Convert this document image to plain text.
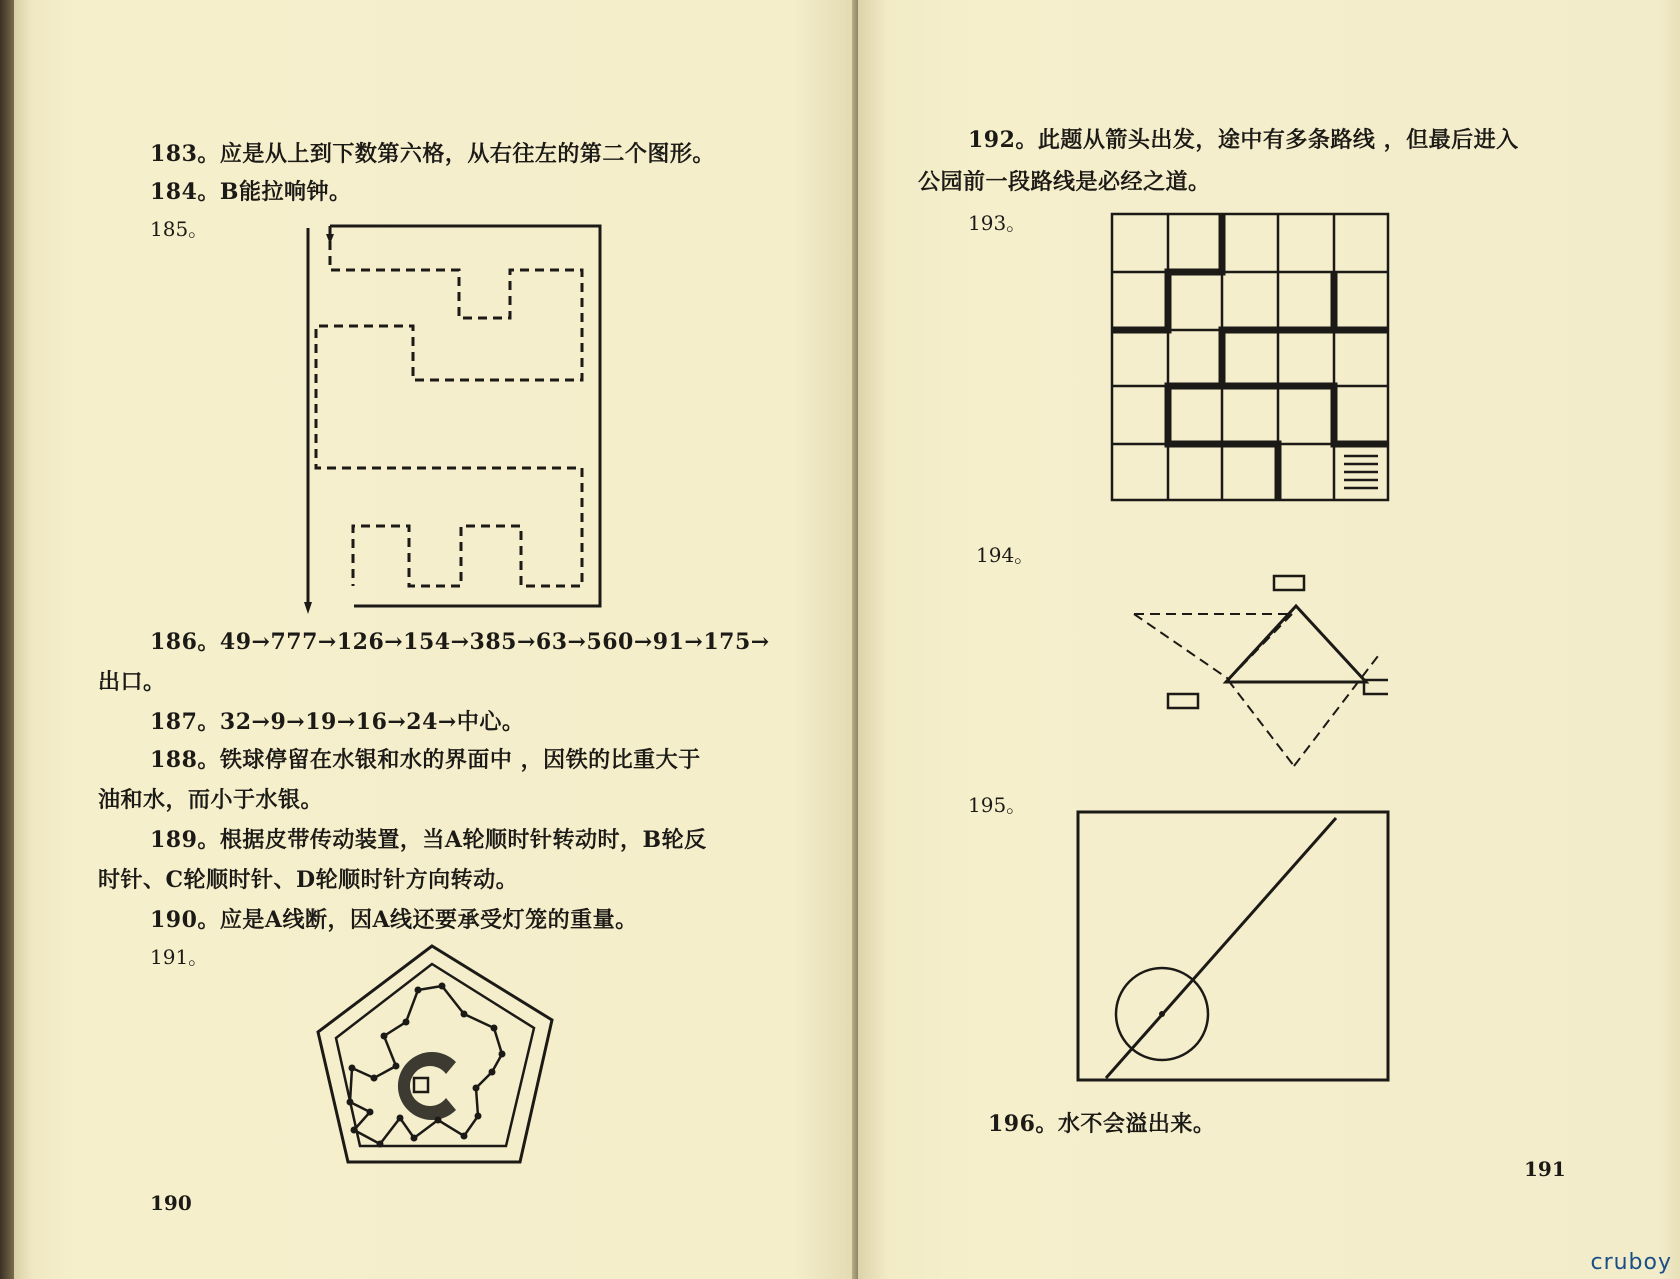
183。应是从上到下数第六格，从右往左的第二个图形。
184。B能拉响钟。
185。
186。49→777→126→154→385→63→560→91→175→
出口。
187。32→9→19→16→24→中心。
188。铁球停留在水银和水的界面中 ，因铁的比重大于
油和水，而小于水银。
189。根据皮带传动装置，当A轮顺时针转动时，B轮反
时针、C轮顺时针、D轮顺时针方向转动。
190。应是A线断，因A线还要承受灯笼的重量。
191。
190
192。此题从箭头出发，途中有多条路线 ，但最后进入
公园前一段路线是必经之道。
193。
194。
195。
196。水不会溢出来。
191
cruboy
